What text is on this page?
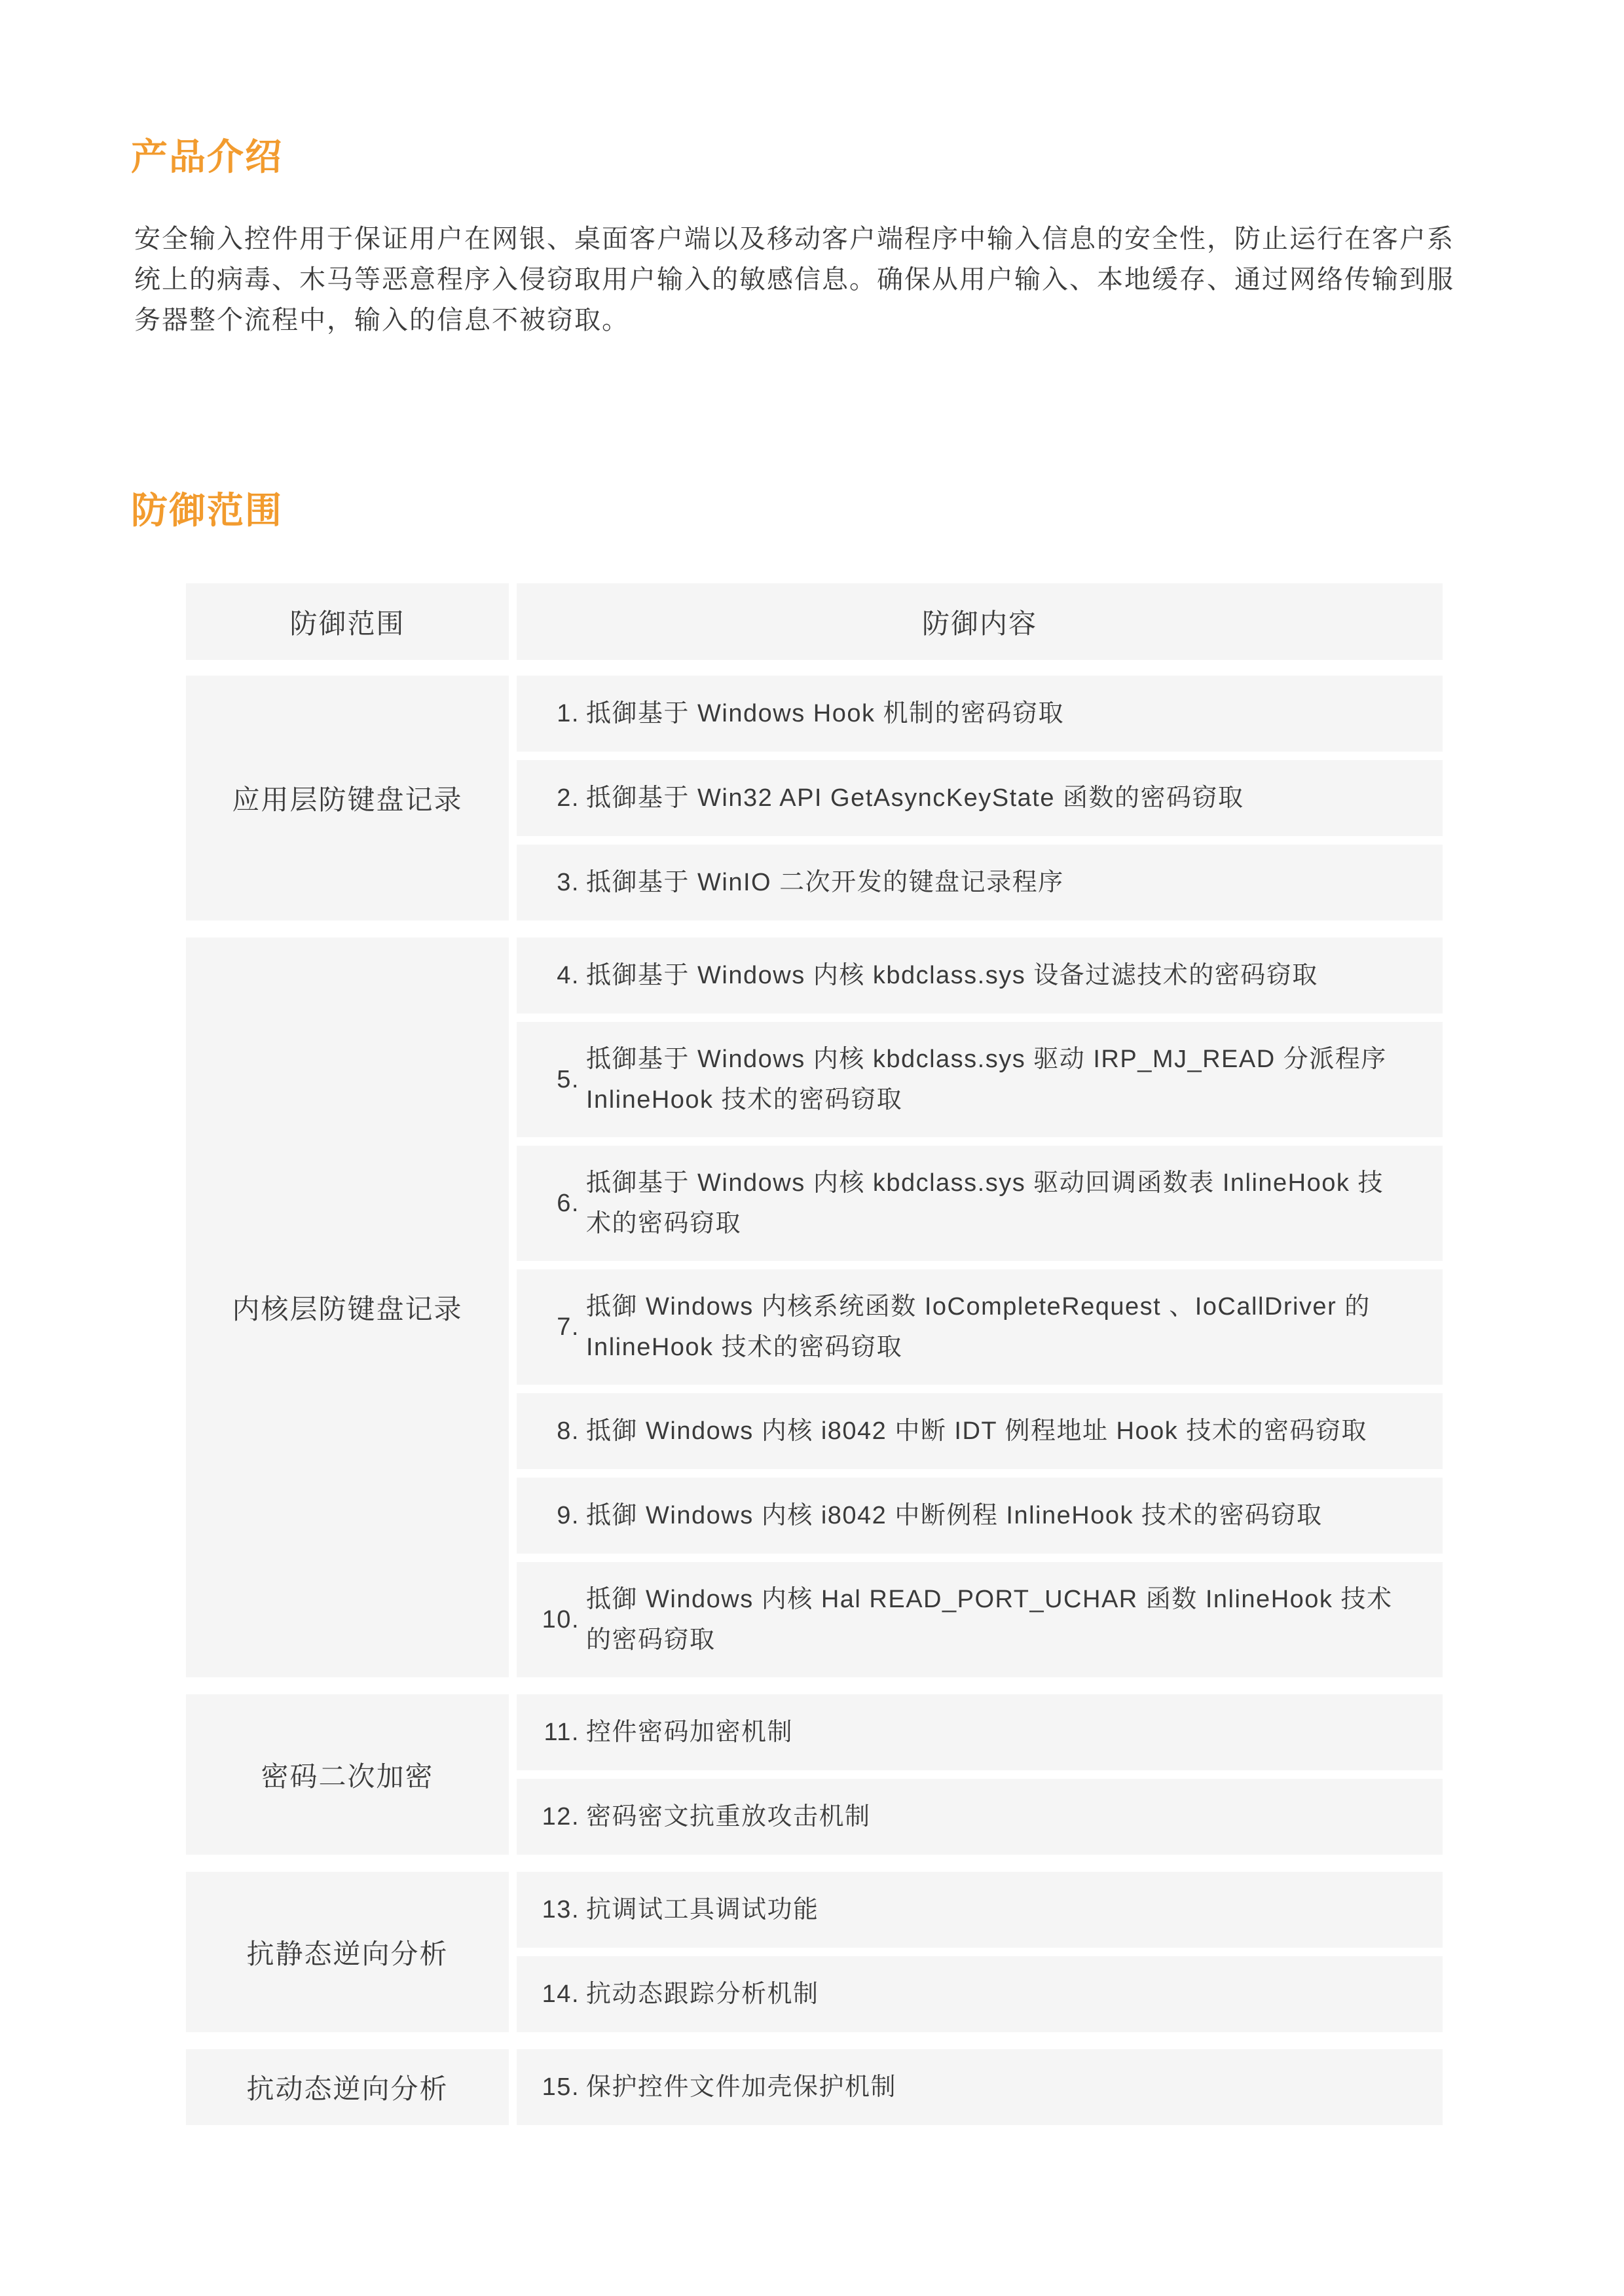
产品介绍

安全输入控件用于保证用户在网银、桌面客户端以及移动客户端程序中输入信息的安全性，防止运行在客户系统上的病毒、木马等恶意程序入侵窃取用户输入的敏感信息。确保从用户输入、本地缓存、通过网络传输到服务器整个流程中，输入的信息不被窃取。

防御范围
防御范围	防御内容
应用层防键盘记录
1. 抵御基于 Windows Hook 机制的密码窃取
2. 抵御基于 Win32 API GetAsyncKeyState 函数的密码窃取
3. 抵御基于 WinIO 二次开发的键盘记录程序
内核层防键盘记录
4. 抵御基于 Windows 内核 kbdclass.sys 设备过滤技术的密码窃取
5.
抵御基于 Windows 内核 kbdclass.sys 驱动 IRP_MJ_READ 分派程序 InlineHook 技术的密码窃取
6.
抵御基于 Windows 内核 kbdclass.sys 驱动回调函数表 InlineHook 技术的密码窃取
7.
抵御 Windows 内核系统函数 IoCompleteRequest 、IoCallDriver 的 InlineHook 技术的密码窃取
8. 抵御 Windows 内核 i8042 中断 IDT 例程地址 Hook 技术的密码窃取
9. 抵御 Windows 内核 i8042 中断例程 InlineHook 技术的密码窃取
10.
抵御 Windows 内核 Hal READ_PORT_UCHAR 函数 InlineHook 技术的密码窃取
密码二次加密
11. 控件密码加密机制
12. 密码密文抗重放攻击机制
抗静态逆向分析
13. 抗调试工具调试功能
14. 抗动态跟踪分析机制
抗动态逆向分析	15. 保护控件文件加壳保护机制
